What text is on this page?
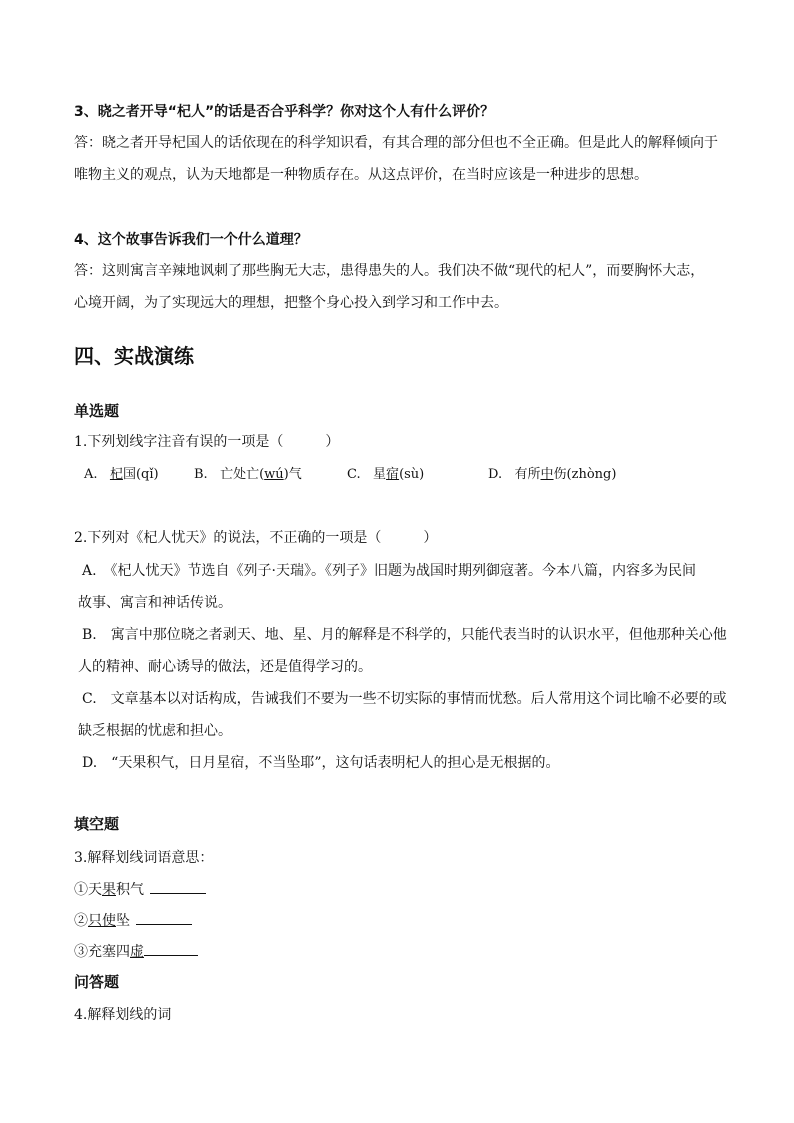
3、晓之者开导“杞人”的话是否合乎科学？你对这个人有什么评价？
答：晓之者开导杞国人的话依现在的科学知识看，有其合理的部分但也不全正确。但是此人的解释倾向于
唯物主义的观点，认为天地都是一种物质存在。从这点评价，在当时应该是一种进步的思想。
4、这个故事告诉我们一个什么道理？
答：这则寓言辛辣地讽刺了那些胸无大志，患得患失的人。我们决不做“现代的杞人”，而要胸怀大志，
心境开阔，为了实现远大的理想，把整个身心投入到学习和工作中去。
四、实战演练
单选题
1.下列划线字注音有误的一项是（　　　）
A. 杞国(qǐ)	B. 亡处亡(wú)气	C. 星宿(sù)	D. 有所中伤(zhòng)
2.下列对《杞人忧天》的说法，不正确的一项是（　　　）
A.　《杞人忧天》节选自《列子·天瑞》。《列子》旧题为战国时期列御寇著。今本八篇，内容多为民间
故事、寓言和神话传说。
B.　寓言中那位晓之者剥天、地、星、月的解释是不科学的，只能代表当时的认识水平，但他那种关心他
人的精神、耐心诱导的做法，还是值得学习的。
C.　文章基本以对话构成，告诫我们不要为一些不切实际的事情而忧愁。后人常用这个词比喻不必要的或
缺乏根据的忧虑和担心。
D.　“天果积气，日月星宿，不当坠耶”，这句话表明杞人的担心是无根据的。
填空题
3.解释划线词语意思：
①天果积气
②只使坠
③充塞四虚
问答题
4.解释划线的词
